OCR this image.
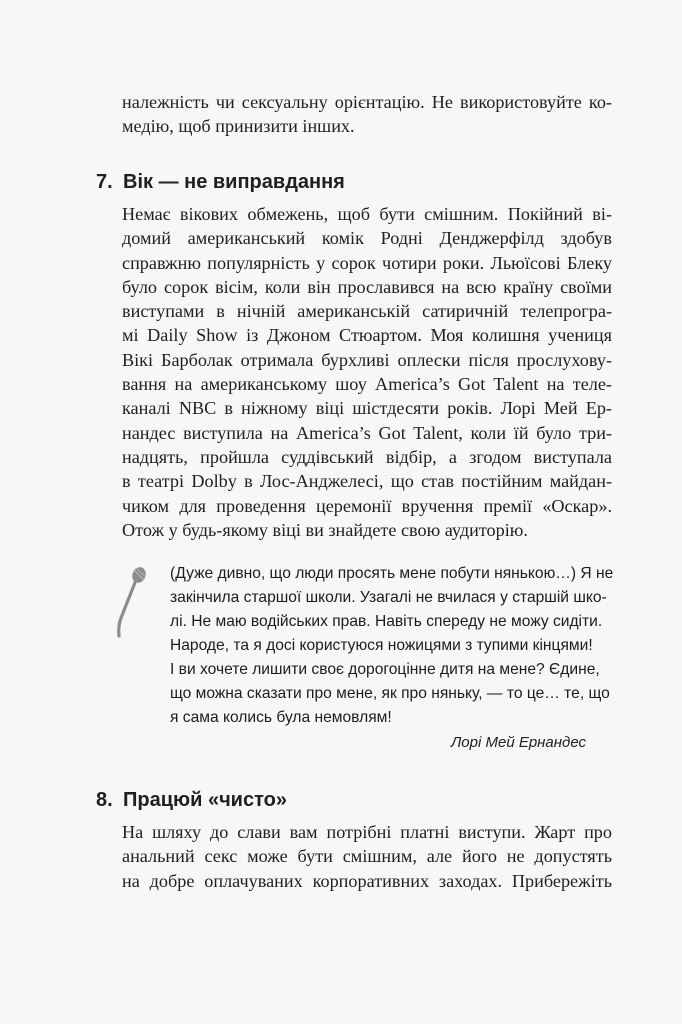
належність чи сексуальну орієнтацію. Не використовуйте ко-
медію, щоб принизити інших.

7. Вік — не виправдання

Немає вікових обмежень, щоб бути смішним. Покійний ві-
домий американський комік Родні Денджерфілд здобув
справжню популярність у сорок чотири роки. Льюїсові Блеку
було сорок вісім, коли він прославився на всю країну своїми
виступами в нічній американській сатиричній телепрогра-
мі Daily Show із Джоном Стюартом. Моя колишня учениця
Вікі Барболак отримала бурхливі оплески після прослухову-
вання на американському шоу America’s Got Talent на теле-
каналі NBC в ніжному віці шістдесяти років. Лорі Мей Ер-
нандес виступила на America’s Got Talent, коли їй було три-
надцять, пройшла суддівський відбір, а згодом виступала
в театрі Dolby в Лос-Анджелесі, що став постійним майдан-
чиком для проведення церемонії вручення премії «Оскар».
Отож у будь-якому віці ви знайдете свою аудиторію.

(Дуже дивно, що люди просять мене побути нянькою…) Я не
закінчила старшої школи. Узагалі не вчилася у старшій шко-
лі. Не маю водійських прав. Навіть спереду не можу сидіти.
Народе, та я досі користуюся ножицями з тупими кінцями!
І ви хочете лишити своє дорогоцінне дитя на мене? Єдине,
що можна сказати про мене, як про няньку, — то це… те, що
я сама колись була немовлям!

Лорі Мей Ернандес
8. Працюй «чисто»

На шляху до слави вам потрібні платні виступи. Жарт про
анальний секс може бути смішним, але його не допустять
на добре оплачуваних корпоративних заходах. Прибережіть
